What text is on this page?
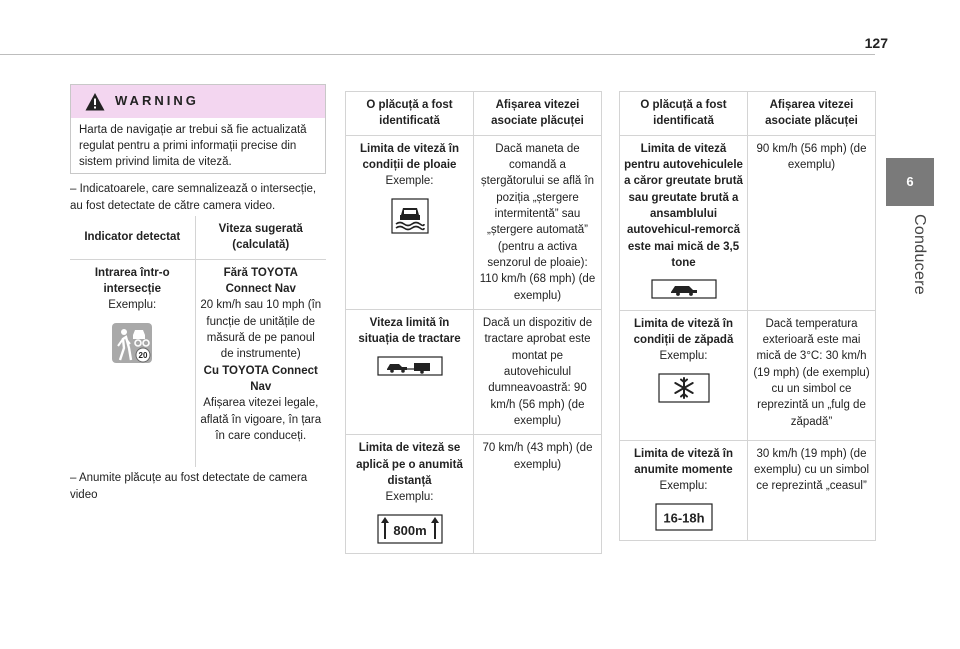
127
6
Conducere
WARNING
Harta de navigație ar trebui să fie actualizată regulat pentru a primi informații precise din sistem privind limita de viteză.
– Indicatoarele, care semnalizează o intersecție, au fost detectate de către camera video.
Indicator detectat	Viteza sugerată (calculată)

Intrarea într-o intersecție
Exemplu:
20	Fără TOYOTA Connect Nav
20 km/h sau 10 mph (în funcție de unitățile de măsură de pe panoul de instrumente)
Cu TOYOTA Connect Nav
Afișarea vitezei legale, aflată în vigoare, în țara în care conduceți.
– Anumite plăcuțe au fost detectate de camera video
O plăcuță a fost identificată	Afișarea vitezei asociate plăcuței

Limita de viteză în condiții de ploaie
Exemple:	Dacă maneta de comandă a ștergătorului se află în poziția „ștergere intermitentă” sau „ștergere automată” (pentru a activa senzorul de ploaie): 110 km/h (68 mph) (de exemplu)

Viteza limită în situația de tractare	Dacă un dispozitiv de tractare aprobat este montat pe autovehiculul dumneavoastră: 90 km/h (56 mph) (de exemplu)

Limita de viteză se aplică pe o anumită distanță
Exemplu:
800m	70 km/h (43 mph) (de exemplu)
O plăcuță a fost identificată	Afișarea vitezei asociate plăcuței

Limita de viteză pentru autovehiculele a căror greutate brută sau greutate brută a ansamblului autovehicul-remorcă este mai mică de 3,5 tone	90 km/h (56 mph) (de exemplu)

Limita de viteză în condiții de zăpadă
Exemplu:	Dacă temperatura exterioară este mai mică de 3°C: 30 km/h (19 mph) (de exemplu) cu un simbol ce reprezintă un „fulg de zăpadă”

Limita de viteză în anumite momente
Exemplu:
16-18h	30 km/h (19 mph) (de exemplu) cu un simbol ce reprezintă „ceasul”
